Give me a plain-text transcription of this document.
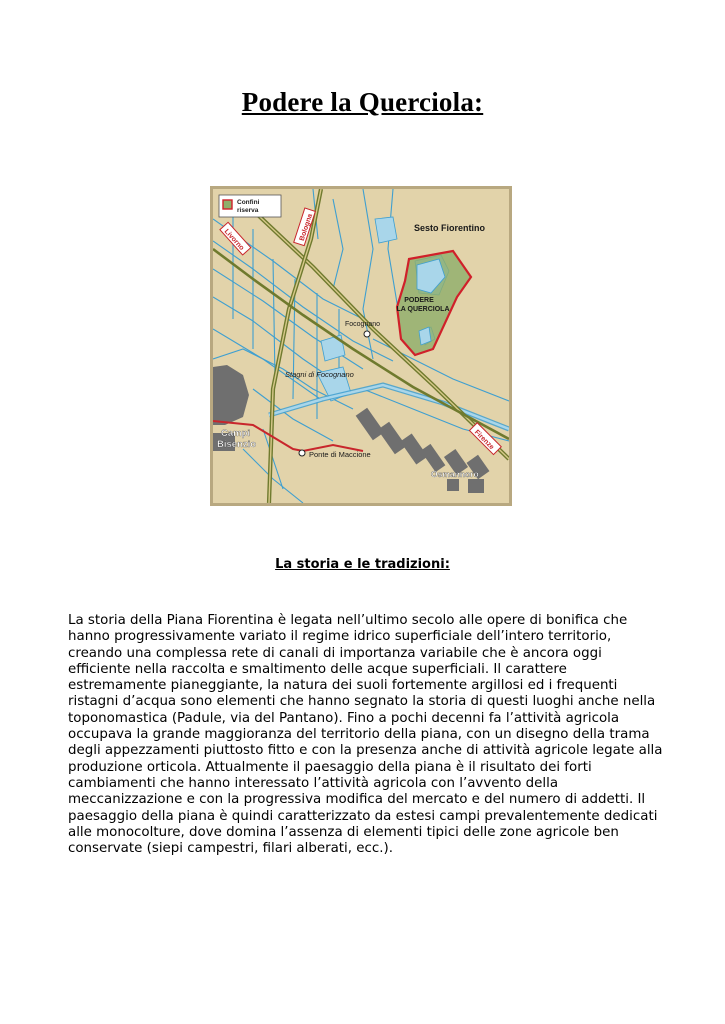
Podere la Querciola:
Confini
riserva
Bologna
Livorno
Firenze
Sesto Fiorentino
PODERE
LA QUERCIOLA
Focognano
Stagni di Focognano
Campi
Bisenzio
Ponte di Maccione
Osmannoro
La storia e le tradizioni:
La storia della Piana Fiorentina è legata nell’ultimo secolo alle opere di bonifica che hanno progressivamente variato il regime idrico superficiale dell’intero territorio, creando una complessa rete di canali di importanza variabile che è ancora oggi efficiente nella raccolta e smaltimento delle acque superficiali. Il carattere estremamente pianeggiante, la natura dei suoli fortemente argillosi ed i frequenti ristagni d’acqua sono elementi che hanno segnato la storia di questi luoghi anche nella toponomastica (Padule, via del Pantano). Fino a pochi decenni fa l’attività agricola occupava la grande maggioranza del territorio della piana, con un disegno della trama degli appezzamenti piuttosto fitto e con la presenza anche di attività agricole legate alla produzione orticola. Attualmente il paesaggio della piana è il risultato dei forti cambiamenti che hanno interessato l’attività agricola con l’avvento della meccanizzazione e con la progressiva modifica del mercato e del numero di addetti. Il paesaggio della piana è quindi caratterizzato da estesi campi prevalentemente dedicati alle monocolture, dove domina l’assenza di elementi tipici delle zone agricole ben conservate (siepi campestri, filari alberati, ecc.).
